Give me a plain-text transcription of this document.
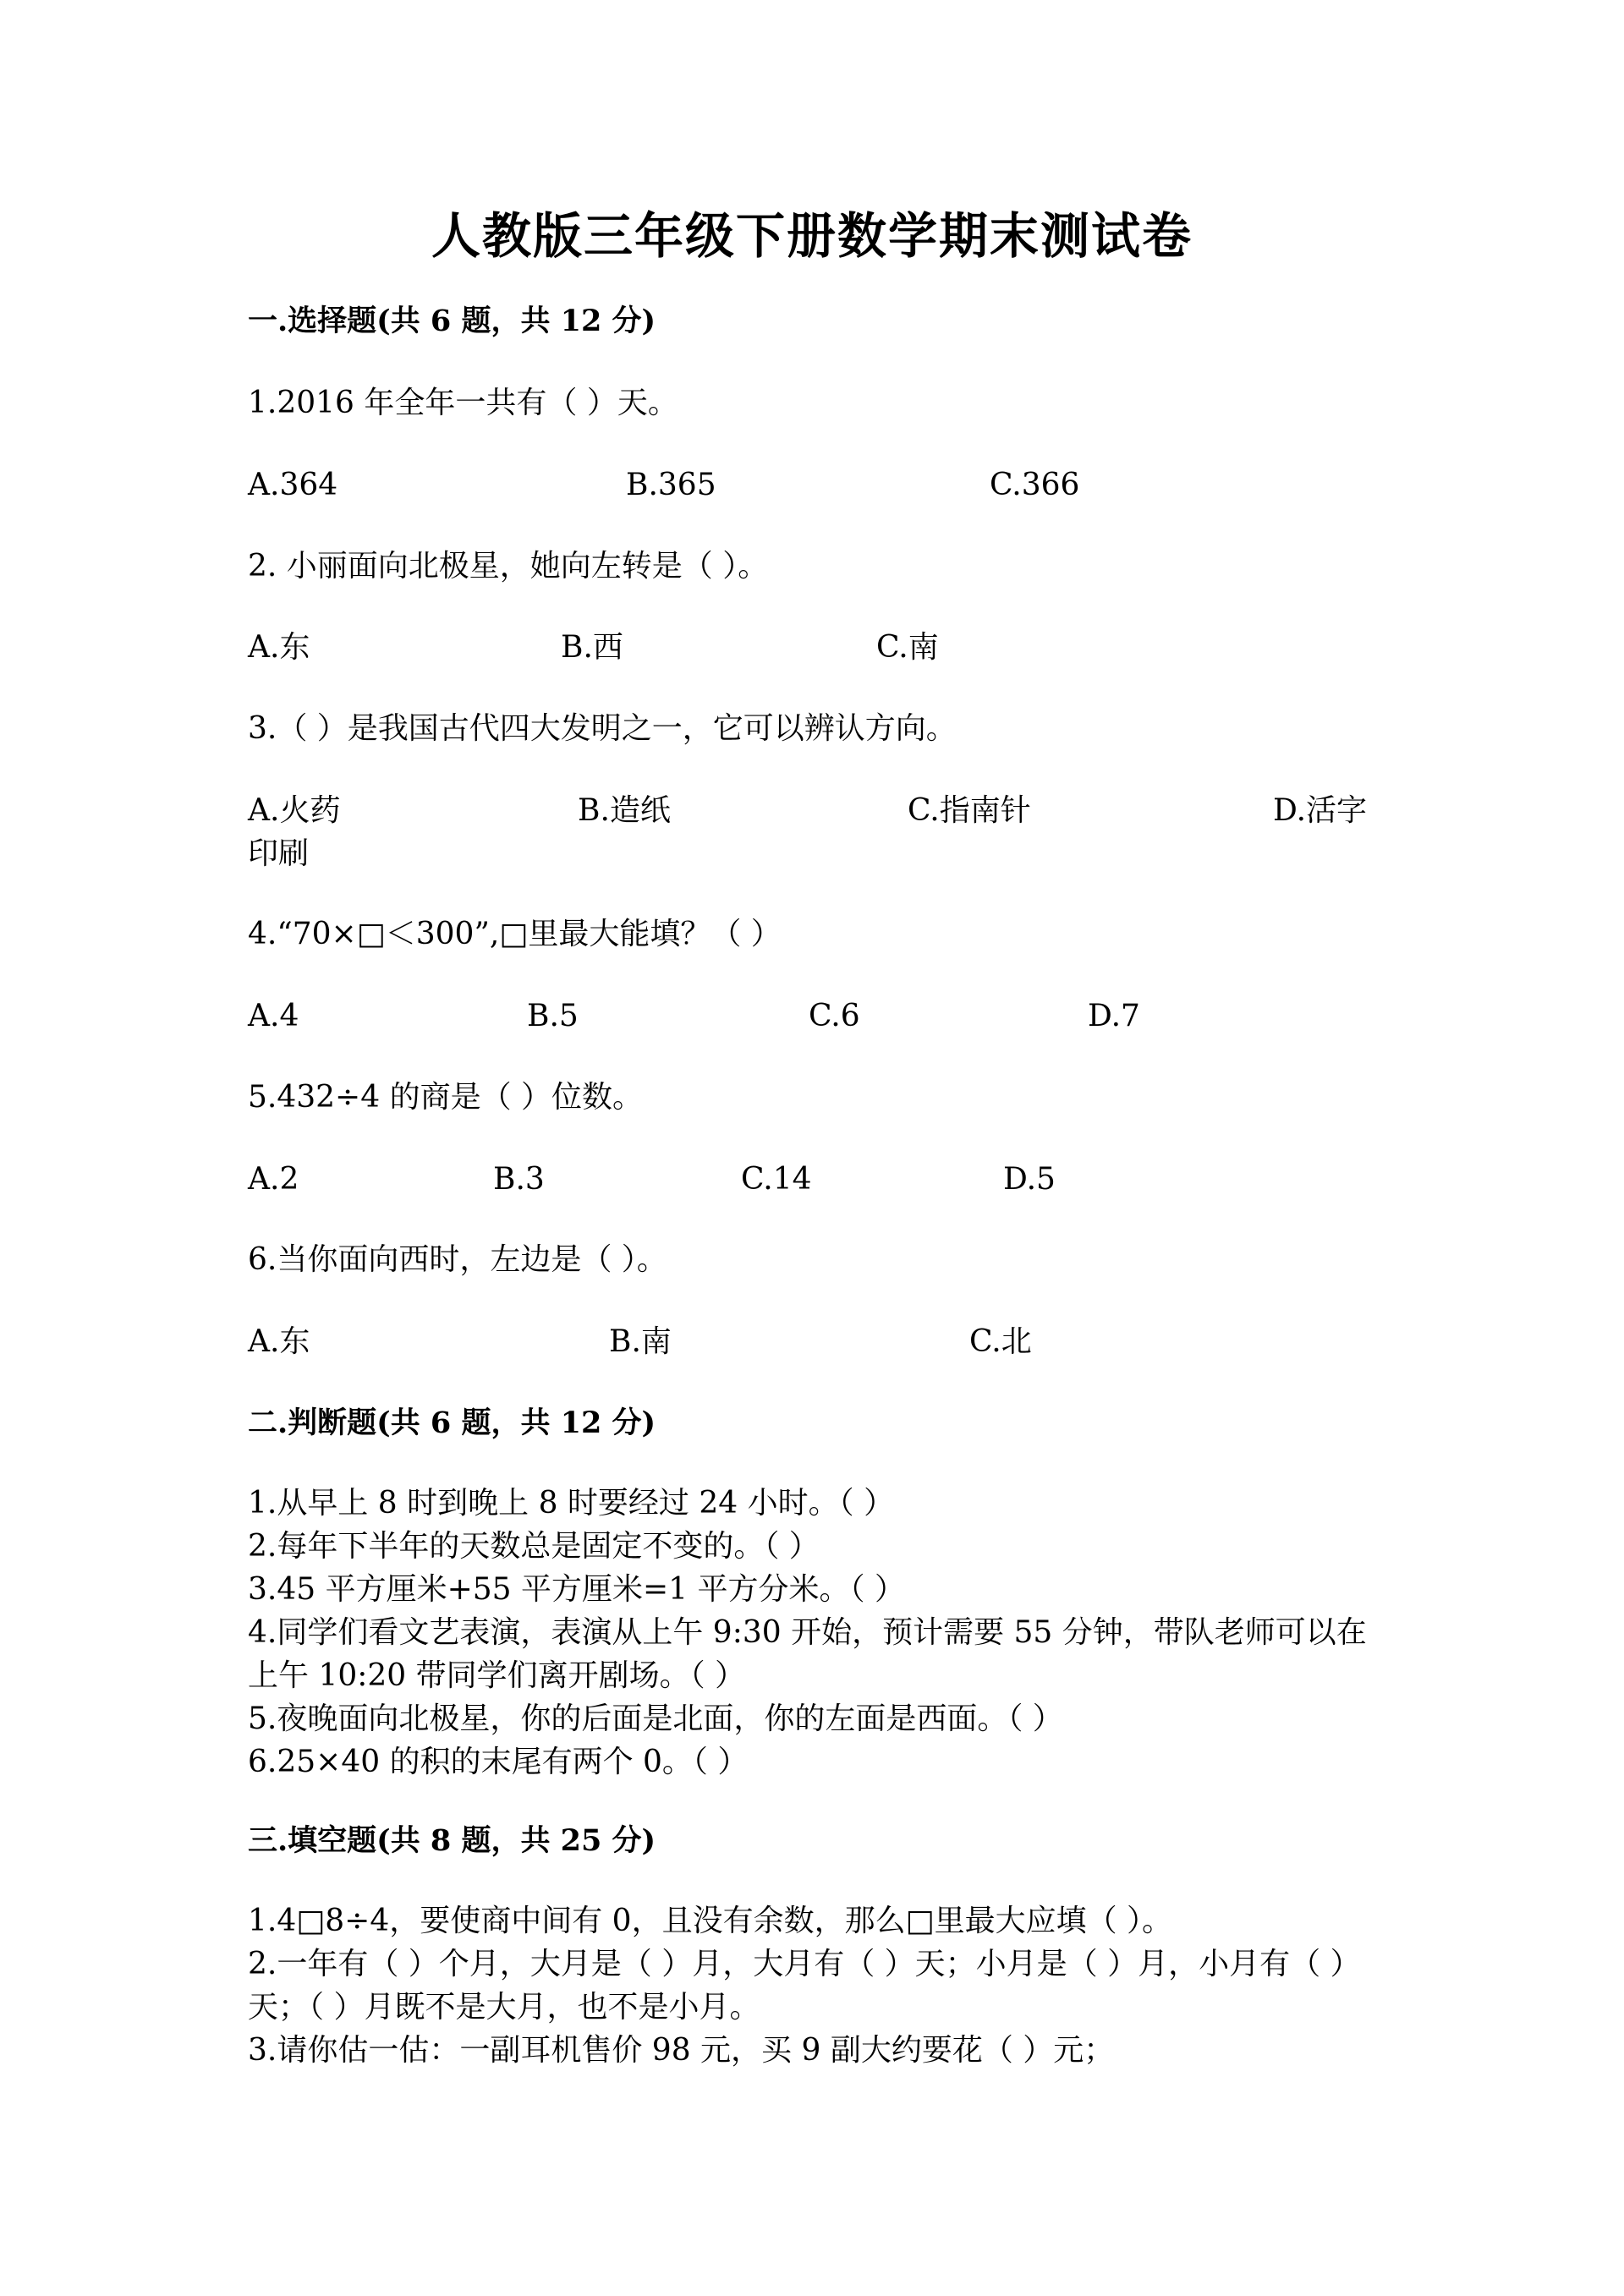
人教版三年级下册数学期末测试卷
一.选择题(共 6 题，共 12 分)
1.2016 年全年一共有（ ）天。
A.364	B.365	C.366
2. 小丽面向北极星，她向左转是（ ）。
A.东	B.西	C.南
3.（ ）是我国古代四大发明之一，它可以辨认方向。
A.火药	B.造纸	C.指南针	D.活字
印刷
4.“70×□＜300”,□里最大能填？（ ）
A.4	B.5	C.6	D.7
5.432÷4 的商是（ ）位数。
A.2	B.3	C.14	D.5
6.当你面向西时，左边是（ ）。
A.东	B.南	C.北
二.判断题(共 6 题，共 12 分)
1.从早上 8 时到晚上 8 时要经过 24 小时。（ ）
2.每年下半年的天数总是固定不变的。（ ）
3.45 平方厘米+55 平方厘米=1 平方分米。（ ）
4.同学们看文艺表演，表演从上午 9:30 开始，预计需要 55 分钟，带队老师可以在上午 10:20 带同学们离开剧场。（ ）
5.夜晚面向北极星，你的后面是北面，你的左面是西面。（ ）
6.25×40 的积的末尾有两个 0。（ ）
三.填空题(共 8 题，共 25 分)
1.4□8÷4，要使商中间有 0，且没有余数，那么□里最大应填（ ）。
2.一年有（ ）个月，大月是（ ）月，大月有（ ）天；小月是（ ）月，小月有（ ）天；（ ）月既不是大月，也不是小月。
3.请你估一估：一副耳机售价 98 元，买 9 副大约要花（ ）元；
